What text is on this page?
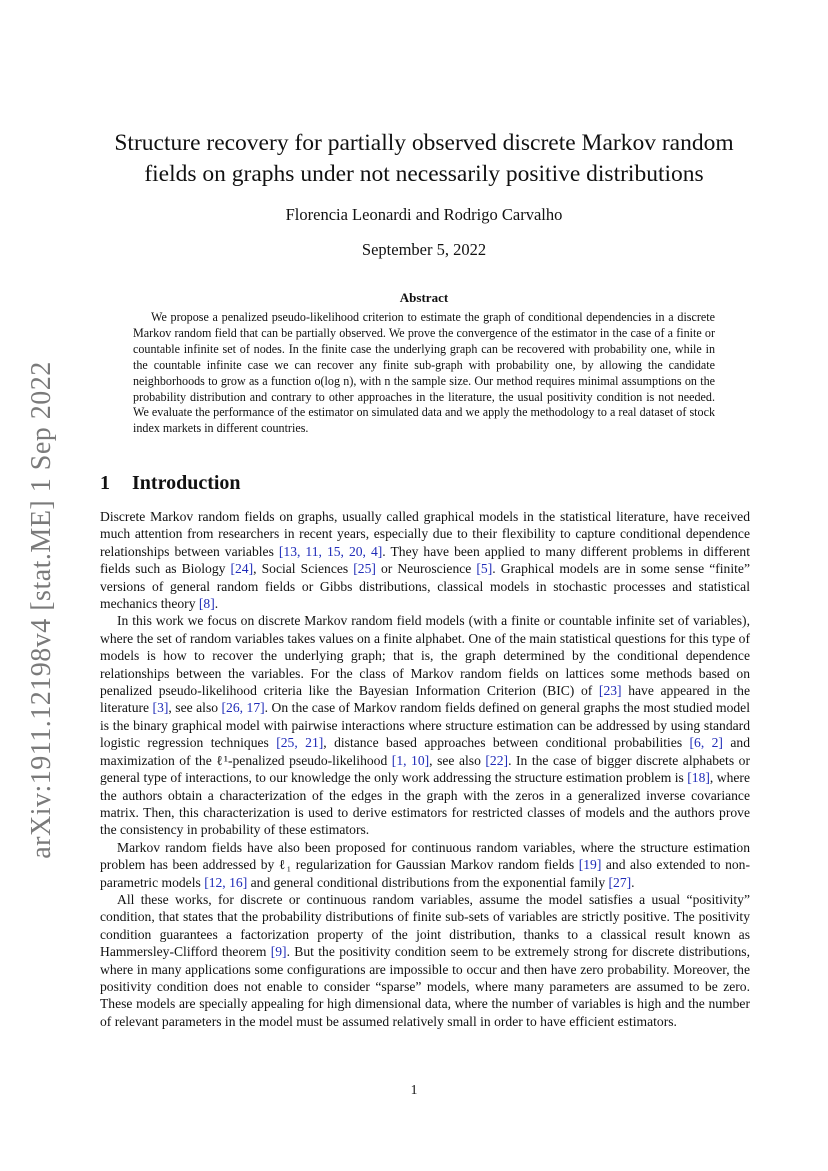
arXiv:1911.12198v4 [stat.ME] 1 Sep 2022
Structure recovery for partially observed discrete Markov random fields on graphs under not necessarily positive distributions
Florencia Leonardi and Rodrigo Carvalho
September 5, 2022
Abstract

We propose a penalized pseudo-likelihood criterion to estimate the graph of conditional dependencies in a discrete Markov random field that can be partially observed. We prove the convergence of the estimator in the case of a finite or countable infinite set of nodes. In the finite case the underlying graph can be recovered with probability one, while in the countable infinite case we can recover any finite sub-graph with probability one, by allowing the candidate neighborhoods to grow as a function o(log n), with n the sample size. Our method requires minimal assumptions on the probability distribution and contrary to other approaches in the literature, the usual positivity condition is not needed. We evaluate the performance of the estimator on simulated data and we apply the methodology to a real dataset of stock index markets in different countries.

1 Introduction

Discrete Markov random fields on graphs, usually called graphical models in the statistical literature, have received much attention from researchers in recent years, especially due to their flexibility to capture conditional dependence relationships between variables [13, 11, 15, 20, 4]. They have been applied to many different problems in different fields such as Biology [24], Social Sciences [25] or Neuroscience [5]. Graphical models are in some sense “finite” versions of general random fields or Gibbs distributions, classical models in stochastic processes and statistical mechanics theory [8].

In this work we focus on discrete Markov random field models (with a finite or countable infinite set of variables), where the set of random variables takes values on a finite alphabet. One of the main statistical questions for this type of models is how to recover the underlying graph; that is, the graph determined by the conditional dependence relationships between the variables. For the class of Markov random fields on lattices some methods based on penalized pseudo-likelihood criteria like the Bayesian Information Criterion (BIC) of [23] have appeared in the literature [3], see also [26, 17]. On the case of Markov random fields defined on general graphs the most studied model is the binary graphical model with pairwise interactions where structure estimation can be addressed by using standard logistic regression techniques [25, 21], distance based approaches between conditional probabilities [6, 2] and maximization of the ℓ¹-penalized pseudo-likelihood [1, 10], see also [22]. In the case of bigger discrete alphabets or general type of interactions, to our knowledge the only work addressing the structure estimation problem is [18], where the authors obtain a characterization of the edges in the graph with the zeros in a generalized inverse covariance matrix. Then, this characterization is used to derive estimators for restricted classes of models and the authors prove the consistency in probability of these estimators.

Markov random fields have also been proposed for continuous random variables, where the structure estimation problem has been addressed by ℓ₁ regularization for Gaussian Markov random fields [19] and also extended to non-parametric models [12, 16] and general conditional distributions from the exponential family [27].

All these works, for discrete or continuous random variables, assume the model satisfies a usual “positivity” condition, that states that the probability distributions of finite sub-sets of variables are strictly positive. The positivity condition guarantees a factorization property of the joint distribution, thanks to a classical result known as Hammersley-Clifford theorem [9]. But the positivity condition seem to be extremely strong for discrete distributions, where in many applications some configurations are impossible to occur and then have zero probability. Moreover, the positivity condition does not enable to consider “sparse” models, where many parameters are assumed to be zero. These models are specially appealing for high dimensional data, where the number of variables is high and the number of relevant parameters in the model must be assumed relatively small in order to have efficient estimators.

1
